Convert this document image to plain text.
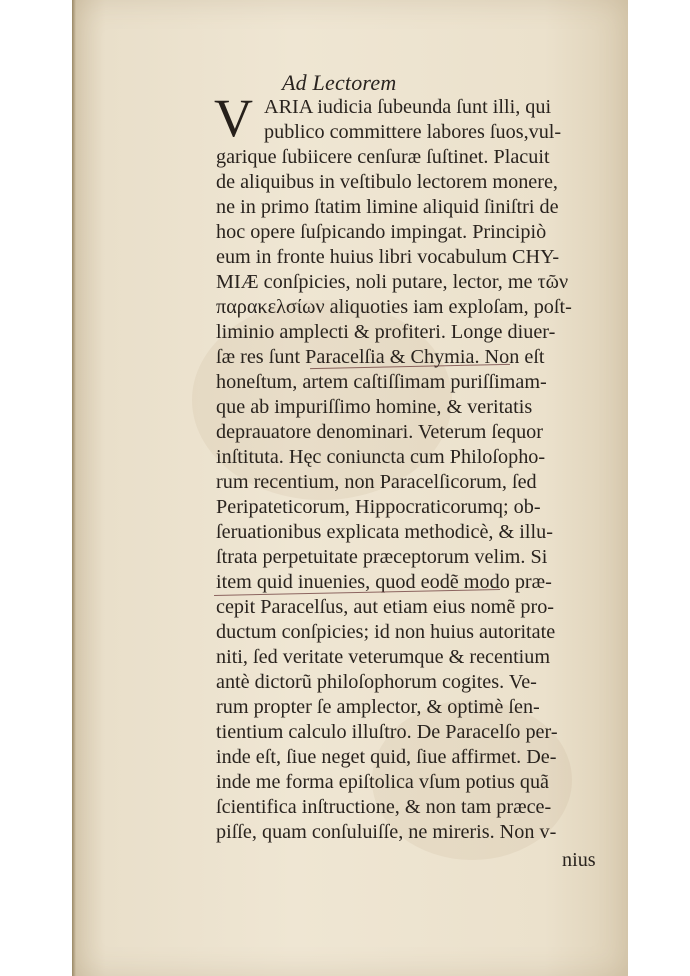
Ad Lectorem
V ARIA iudicia ſubeunda ſunt illi, qui
publico committere labores ſuos,vul-
garique ſubiicere cenſuræ ſuſtinet. Placuit
de aliquibus in veſtibulo lectorem monere,
ne in primo ſtatim limine aliquid ſiniſtri de
hoc opere ſuſpicando impingat. Principiò
eum in fronte huius libri vocabulum CHY-
MIÆ conſpicies, noli putare, lector, me τῶν
παρακελσίων aliquoties iam exploſam, poſt-
liminio amplecti & profiteri. Longe diuer-
ſæ res ſunt Paracelſia & Chymia. Non eſt
honeſtum, artem caſtiſſimam puriſſimam-
que ab impuriſſimo homine, & veritatis
deprauatore denominari. Veterum ſequor
inſtituta. Hęc coniuncta cum Philoſopho-
rum recentium, non Paracelſicorum, ſed
Peripateticorum, Hippocraticorumq; ob-
ſeruationibus explicata methodicè, & illu-
ſtrata perpetuitate præceptorum velim. Si
item quid inuenies, quod eodẽ modo præ-
cepit Paracelſus, aut etiam eius nomẽ pro-
ductum conſpicies; id non huius autoritate
niti, ſed veritate veterumque & recentium
antè dictorũ philoſophorum cogites. Ve-
rum propter ſe amplector, & optimè ſen-
tientium calculo illuſtro. De Paracelſo per-
inde eſt, ſiue neget quid, ſiue affirmet. De-
inde me forma epiſtolica vſum potius quã
ſcientifica inſtructione, & non tam præce-
piſſe, quam conſuluiſſe, ne mireris. Non v-
nius
